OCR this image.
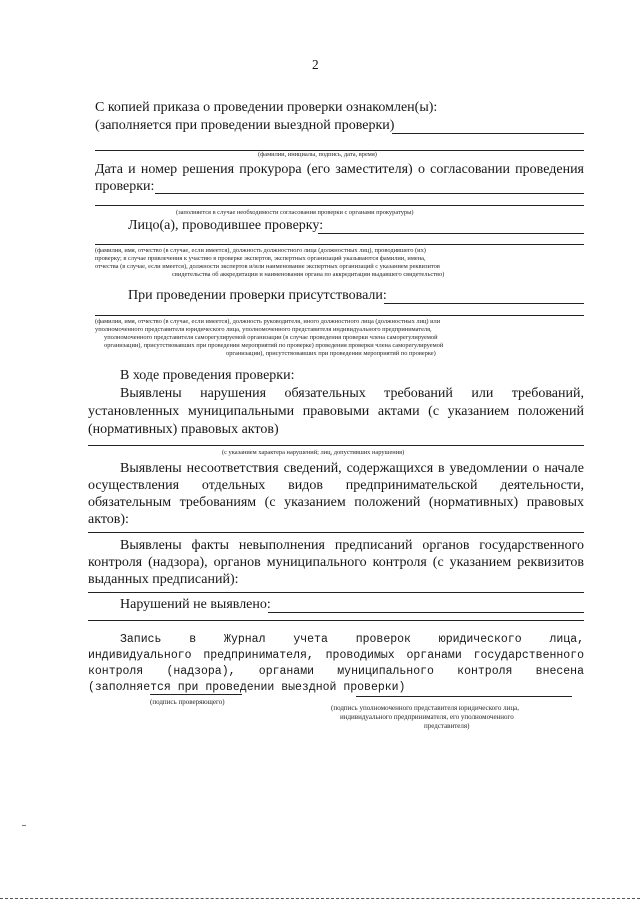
2
С копией приказа о проведении проверки ознакомлен(ы):
(заполняется при проведении выездной проверки)
(фамилии, инициалы, подпись, дата, время)
Дата и номер решения прокурора (его заместителя) о согласовании проведения
проверки:
(заполняется в случае необходимости согласования проверки с органами прокуратуры)
Лицо(а), проводившее проверку:
(фамилия, имя, отчество (в случае, если имеется), должность должностного лица (должностных лиц), проводившего (их)
проверку; в случае привлечения к участию в проверке экспертов, экспертных организаций указываются фамилии, имена,
отчества (в случае, если имеется), должности экспертов и/или наименование экспертных организаций с указанием реквизитов
свидетельства об аккредитации и наименования органа по аккредитации выдавшего свидетельство)
При проведении проверки присутствовали:
(фамилия, имя, отчество (в случае, если имеется), должность руководителя, иного должностного лица (должностных лиц) или
уполномоченного представителя юридического лица, уполномоченного представителя индивидуального предпринимателя,
уполномоченного представителя саморегулируемой организации (в случае проведения проверки члена саморегулируемой
организации), присутствовавших при проведении мероприятий по проверке) проведения проверки члена саморегулируемой
организации), присутствовавших при проведении мероприятий по проверке)
В ходе проведения проверки:
Выявлены нарушения обязательных требований или требований,
установленных муниципальными правовыми актами (с указанием положений
(нормативных) правовых актов)
(с указанием характера нарушений; лиц, допустивших нарушения)
Выявлены несоответствия сведений, содержащихся в уведомлении о начале
осуществления отдельных видов предпринимательской деятельности,
обязательным требованиям (с указанием положений (нормативных) правовых
актов):
Выявлены факты невыполнения предписаний органов государственного
контроля (надзора), органов муниципального контроля (с указанием реквизитов
выданных предписаний):
Нарушений не выявлено:
Запись в Журнал учета проверок юридического лица,
индивидуального предпринимателя, проводимых органами государственного
контроля (надзора), органами муниципального контроля внесена
(заполняется при проведении выездной проверки)
(подпись проверяющего)
(подпись уполномоченного представителя юридического лица,
индивидуального предпринимателя, его уполномоченного
представителя)
